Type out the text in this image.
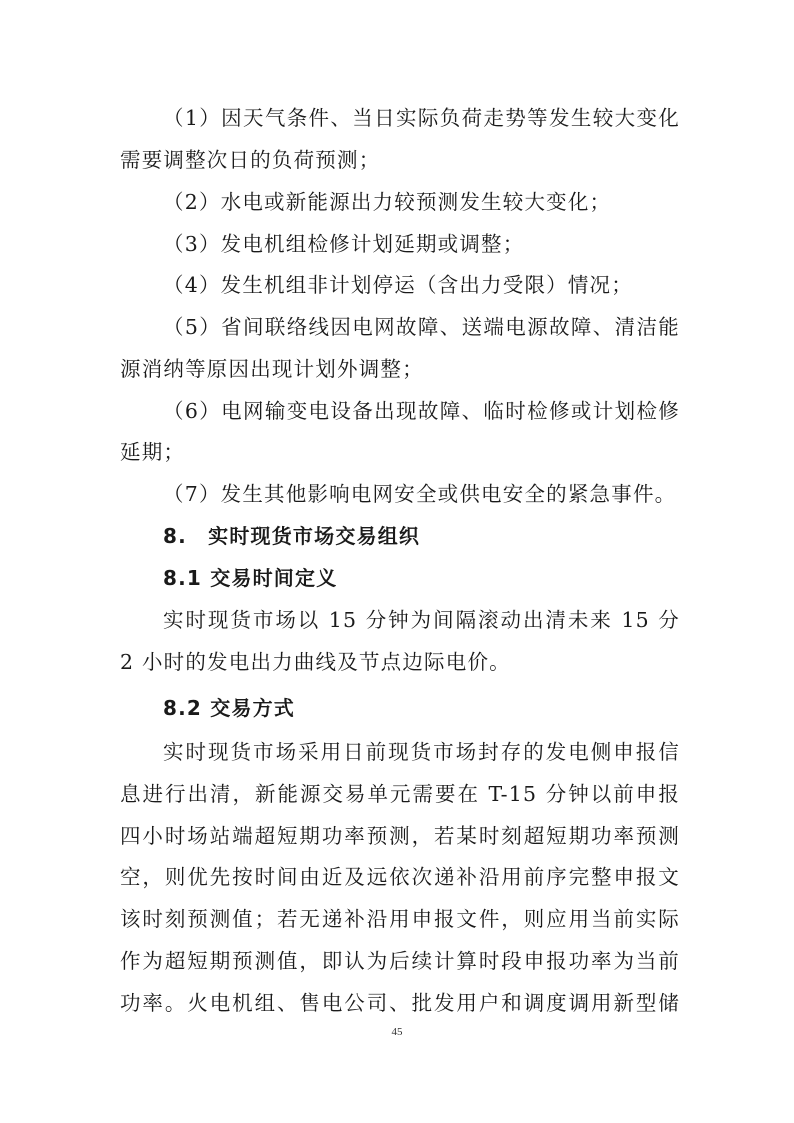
（1）因天气条件、当日实际负荷走势等发生较大变化
需要调整次日的负荷预测；
（2）水电或新能源出力较预测发生较大变化；
（3）发电机组检修计划延期或调整；
（4）发生机组非计划停运（含出力受限）情况；
（5）省间联络线因电网故障、送端电源故障、清洁能
源消纳等原因出现计划外调整；
（6）电网输变电设备出现故障、临时检修或计划检修
延期；
（7）发生其他影响电网安全或供电安全的紧急事件。
8.　实时现货市场交易组织
8.1 交易时间定义
实时现货市场以 15 分钟为间隔滚动出清未来 15 分
2 小时的发电出力曲线及节点边际电价。
8.2 交易方式
实时现货市场采用日前现货市场封存的发电侧申报信
息进行出清，新能源交易单元需要在 T-15 分钟以前申报
四小时场站端超短期功率预测，若某时刻超短期功率预测
空，则优先按时间由近及远依次递补沿用前序完整申报文
该时刻预测值；若无递补沿用申报文件，则应用当前实际
作为超短期预测值，即认为后续计算时段申报功率为当前
功率。火电机组、售电公司、批发用户和调度调用新型储
45
